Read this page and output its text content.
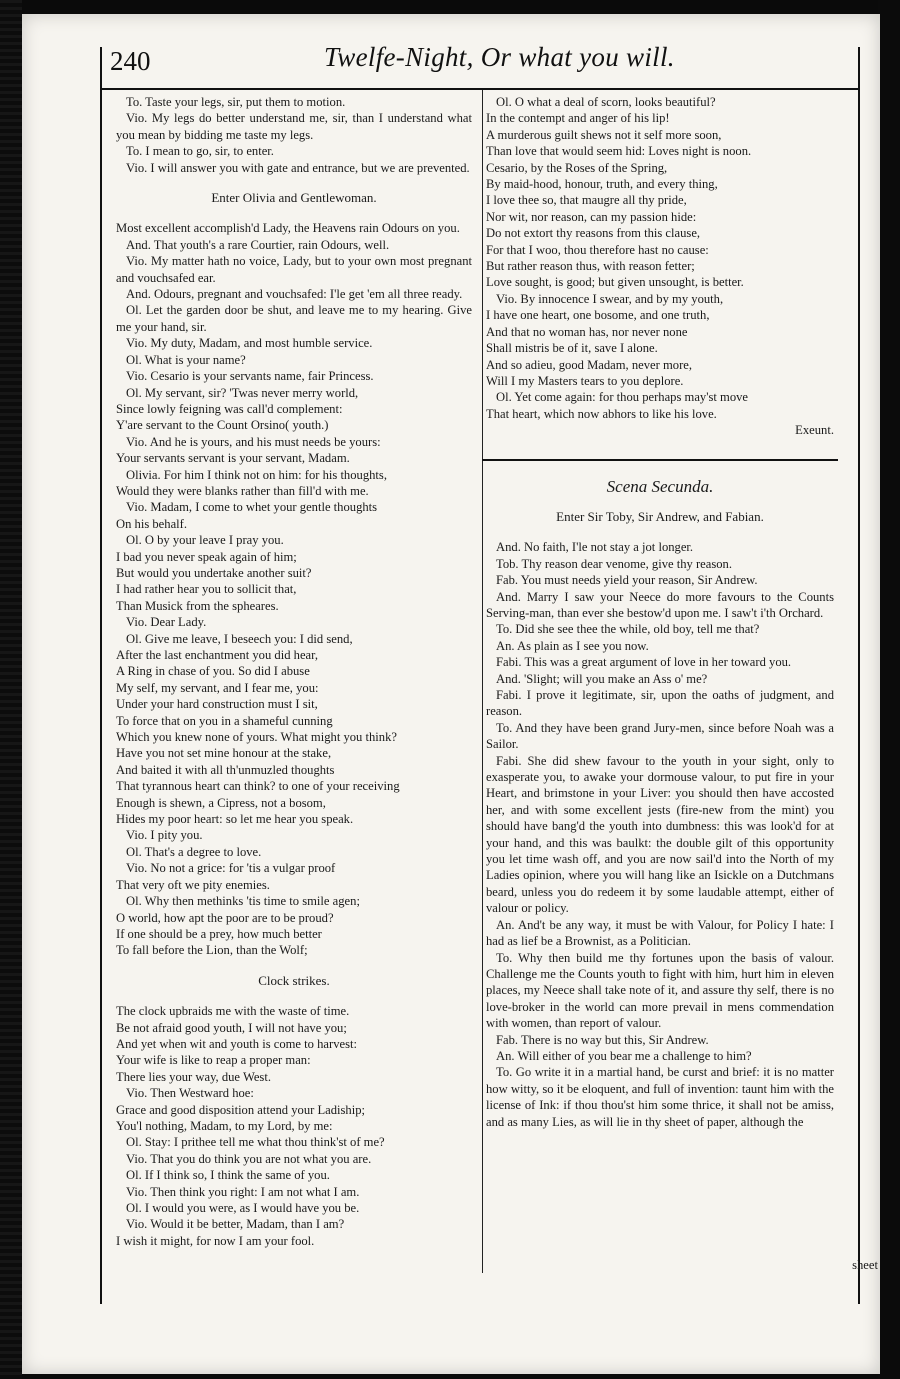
240	Twelfe-Night, Or what you will.

To. Taste your legs, sir, put them to motion.

Vio. My legs do better understand me, sir, than I understand what you mean by bidding me taste my legs.

To. I mean to go, sir, to enter.

Vio. I will answer you with gate and entrance, but we are prevented.

Enter Olivia and Gentlewoman.

Most excellent accomplish'd Lady, the Heavens rain Odours on you.

And. That youth's a rare Courtier, rain Odours, well.

Vio. My matter hath no voice, Lady, but to your own most pregnant and vouchsafed ear.

And. Odours, pregnant and vouchsafed: I'le get 'em all three ready.

Ol. Let the garden door be shut, and leave me to my hearing. Give me your hand, sir.

Vio. My duty, Madam, and most humble service.

Ol. What is your name?

Vio. Cesario is your servants name, fair Princess.

Ol. My servant, sir? 'Twas never merry world,

Since lowly feigning was call'd complement:

Y'are servant to the Count Orsino( youth.)

Vio. And he is yours, and his must needs be yours:

Your servants servant is your servant, Madam.

Olivia. For him I think not on him: for his thoughts,

Would they were blanks rather than fill'd with me.

Vio. Madam, I come to whet your gentle thoughts

On his behalf.

Ol. O by your leave I pray you.

I bad you never speak again of him;

But would you undertake another suit?

I had rather hear you to sollicit that,

Than Musick from the spheares.

Vio. Dear Lady.

Ol. Give me leave, I beseech you: I did send,

After the last enchantment you did hear,

A Ring in chase of you. So did I abuse

My self, my servant, and I fear me, you:

Under your hard construction must I sit,

To force that on you in a shameful cunning

Which you knew none of yours. What might you think?

Have you not set mine honour at the stake,

And baited it with all th'unmuzled thoughts

That tyrannous heart can think? to one of your receiving

Enough is shewn, a Cipress, not a bosom,

Hides my poor heart: so let me hear you speak.

Vio. I pity you.

Ol. That's a degree to love.

Vio. No not a grice: for 'tis a vulgar proof

That very oft we pity enemies.

Ol. Why then methinks 'tis time to smile agen;

O world, how apt the poor are to be proud?

If one should be a prey, how much better

To fall before the Lion, than the Wolf;

Clock strikes.

The clock upbraids me with the waste of time.

Be not afraid good youth, I will not have you;

And yet when wit and youth is come to harvest:

Your wife is like to reap a proper man:

There lies your way, due West.

Vio. Then Westward hoe:

Grace and good disposition attend your Ladiship;

You'l nothing, Madam, to my Lord, by me:

Ol. Stay: I prithee tell me what thou think'st of me?

Vio. That you do think you are not what you are.

Ol. If I think so, I think the same of you.

Vio. Then think you right: I am not what I am.

Ol. I would you were, as I would have you be.

Vio. Would it be better, Madam, than I am?

I wish it might, for now I am your fool.

Ol. O what a deal of scorn, looks beautiful?

In the contempt and anger of his lip!

A murderous guilt shews not it self more soon,

Than love that would seem hid: Loves night is noon.

Cesario, by the Roses of the Spring,

By maid-hood, honour, truth, and every thing,

I love thee so, that maugre all thy pride,

Nor wit, nor reason, can my passion hide:

Do not extort thy reasons from this clause,

For that I woo, thou therefore hast no cause:

But rather reason thus, with reason fetter;

Love sought, is good; but given unsought, is better.

Vio. By innocence I swear, and by my youth,

I have one heart, one bosome, and one truth,

And that no woman has, nor never none

Shall mistris be of it, save I alone.

And so adieu, good Madam, never more,

Will I my Masters tears to you deplore.

Ol. Yet come again: for thou perhaps may'st move

That heart, which now abhors to like his love.

Exeunt.

Scena Secunda.

Enter Sir Toby, Sir Andrew, and Fabian.

And. No faith, I'le not stay a jot longer.

Tob. Thy reason dear venome, give thy reason.

Fab. You must needs yield your reason, Sir Andrew.

And. Marry I saw your Neece do more favours to the Counts Serving-man, than ever she bestow'd upon me. I saw't i'th Orchard.

To. Did she see thee the while, old boy, tell me that?

An. As plain as I see you now.

Fabi. This was a great argument of love in her toward you.

And. 'Slight; will you make an Ass o' me?

Fabi. I prove it legitimate, sir, upon the oaths of judgment, and reason.

To. And they have been grand Jury-men, since before Noah was a Sailor.

Fabi. She did shew favour to the youth in your sight, only to exasperate you, to awake your dormouse valour, to put fire in your Heart, and brimstone in your Liver: you should then have accosted her, and with some excellent jests (fire-new from the mint) you should have bang'd the youth into dumbness: this was look'd for at your hand, and this was baulkt: the double gilt of this opportunity you let time wash off, and you are now sail'd into the North of my Ladies opinion, where you will hang like an Isickle on a Dutchmans beard, unless you do redeem it by some laudable attempt, either of valour or policy.

An. And't be any way, it must be with Valour, for Policy I hate: I had as lief be a Brownist, as a Politician.

To. Why then build me thy fortunes upon the basis of valour. Challenge me the Counts youth to fight with him, hurt him in eleven places, my Neece shall take note of it, and assure thy self, there is no love-broker in the world can more prevail in mens commendation with women, than report of valour.

Fab. There is no way but this, Sir Andrew.

An. Will either of you bear me a challenge to him?

To. Go write it in a martial hand, be curst and brief: it is no matter how witty, so it be eloquent, and full of invention: taunt him with the license of Ink: if thou thou'st him some thrice, it shall not be amiss, and as many Lies, as will lie in thy sheet of paper, although the

sheet
